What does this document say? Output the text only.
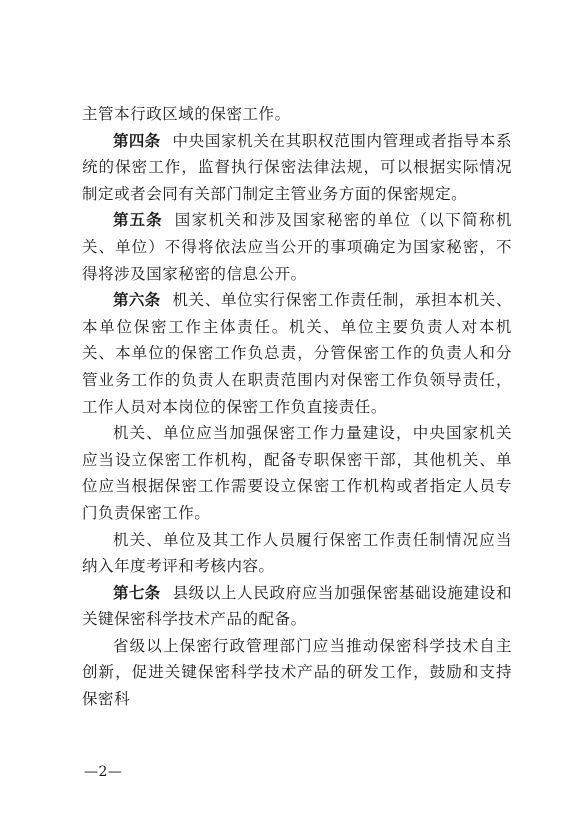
主管本行政区域的保密工作。

第四条 中央国家机关在其职权范围内管理或者指导本系统的保密工作，监督执行保密法律法规，可以根据实际情况制定或者会同有关部门制定主管业务方面的保密规定。

第五条 国家机关和涉及国家秘密的单位（以下简称机关、单位）不得将依法应当公开的事项确定为国家秘密，不得将涉及国家秘密的信息公开。

第六条 机关、单位实行保密工作责任制，承担本机关、本单位保密工作主体责任。机关、单位主要负责人对本机关、本单位的保密工作负总责，分管保密工作的负责人和分管业务工作的负责人在职责范围内对保密工作负领导责任，工作人员对本岗位的保密工作负直接责任。

机关、单位应当加强保密工作力量建设，中央国家机关应当设立保密工作机构，配备专职保密干部，其他机关、单位应当根据保密工作需要设立保密工作机构或者指定人员专门负责保密工作。

机关、单位及其工作人员履行保密工作责任制情况应当纳入年度考评和考核内容。

第七条 县级以上人民政府应当加强保密基础设施建设和关键保密科学技术产品的配备。

省级以上保密行政管理部门应当推动保密科学技术自主创新，促进关键保密科学技术产品的研发工作，鼓励和支持保密科

—2—
